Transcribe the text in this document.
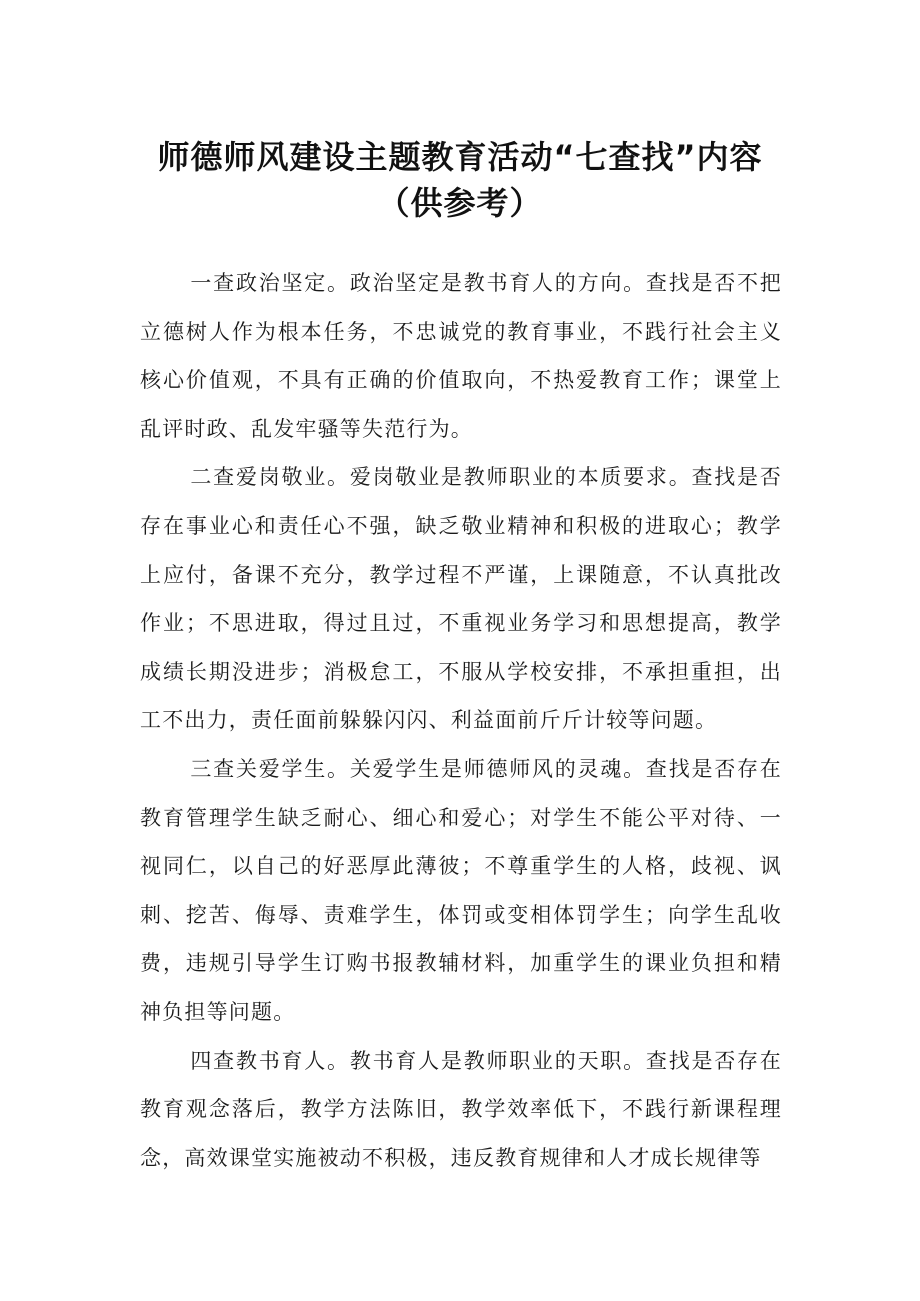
师德师风建设主题教育活动“七查找”内容
（供参考）

一查政治坚定。政治坚定是教书育人的方向。查找是否不把立德树人作为根本任务，不忠诚党的教育事业，不践行社会主义核心价值观，不具有正确的价值取向，不热爱教育工作；课堂上乱评时政、乱发牢骚等失范行为。

二查爱岗敬业。爱岗敬业是教师职业的本质要求。查找是否存在事业心和责任心不强，缺乏敬业精神和积极的进取心；教学上应付，备课不充分，教学过程不严谨，上课随意，不认真批改作业；不思进取，得过且过，不重视业务学习和思想提高，教学成绩长期没进步；消极怠工，不服从学校安排，不承担重担，出工不出力，责任面前躲躲闪闪、利益面前斤斤计较等问题。

三查关爱学生。关爱学生是师德师风的灵魂。查找是否存在教育管理学生缺乏耐心、细心和爱心；对学生不能公平对待、一视同仁，以自己的好恶厚此薄彼；不尊重学生的人格，歧视、讽刺、挖苦、侮辱、责难学生，体罚或变相体罚学生；向学生乱收费，违规引导学生订购书报教辅材料，加重学生的课业负担和精神负担等问题。

四查教书育人。教书育人是教师职业的天职。查找是否存在教育观念落后，教学方法陈旧，教学效率低下，不践行新课程理念，高效课堂实施被动不积极，违反教育规律和人才成长规律等
